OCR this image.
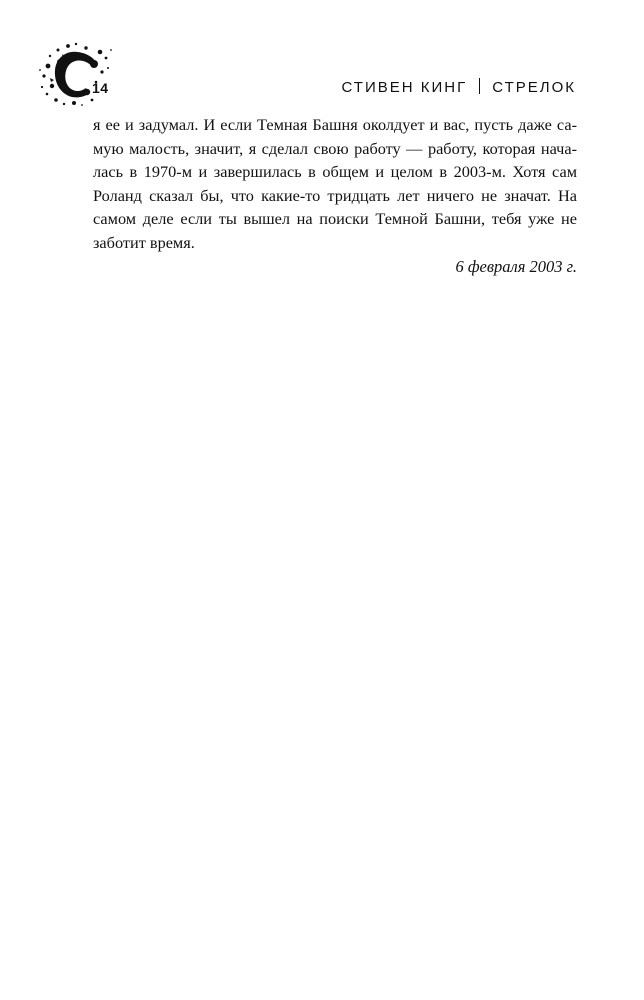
14	СТИВЕН КИНГ СТРЕЛОК
я ее и задумал. И если Темная Башня околдует и вас, пусть даже са-
мую малость, значит, я сделал свою работу — работу, которая нача-
лась в 1970-м и завершилась в общем и целом в 2003-м. Хотя сам
Роланд сказал бы, что какие-то тридцать лет ничего не значат. На
самом деле если ты вышел на поиски Темной Башни, тебя уже не
заботит время.
6 февраля 2003 г.
